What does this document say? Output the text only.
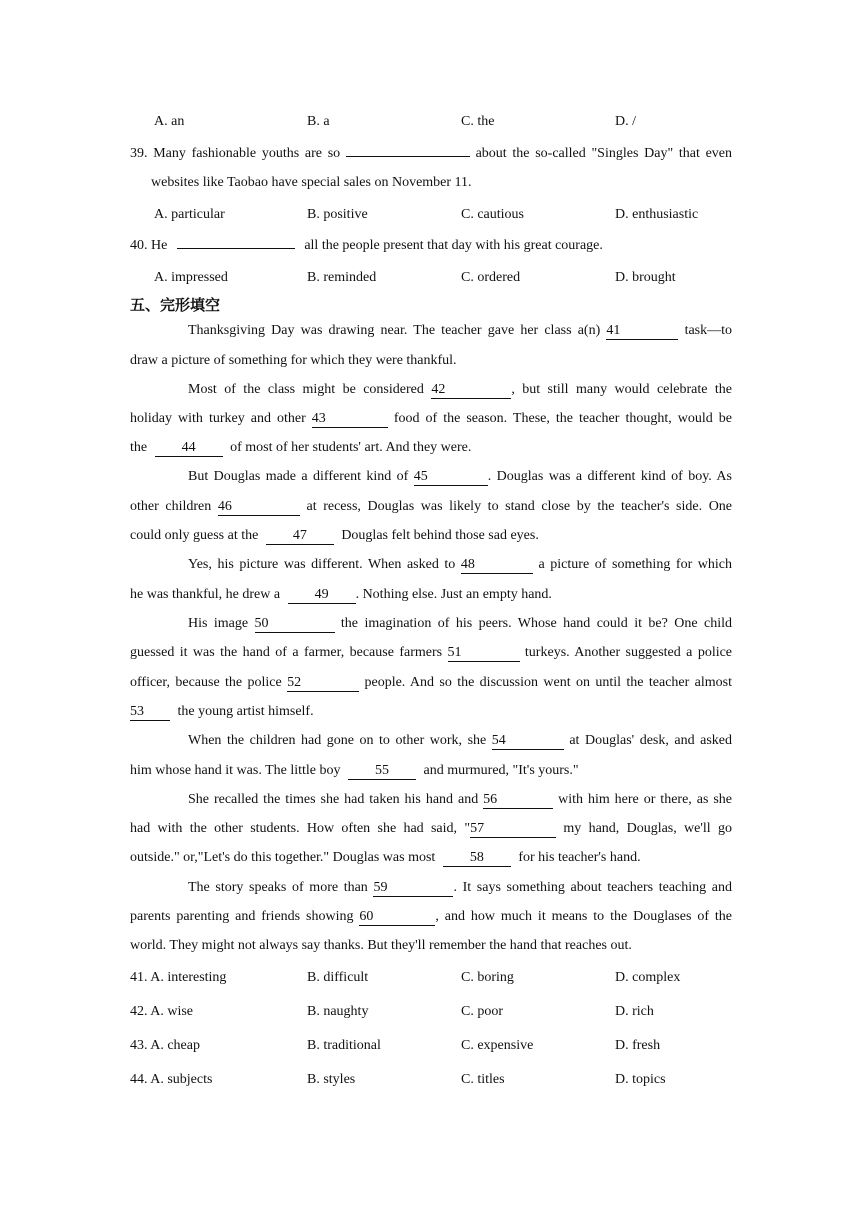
A. an	B. a	C. the	D. /
39. Many fashionable youths are so	about the so-called "Singles Day" that even
websites like Taobao have special sales on November 11.
A. particular	B. positive	C. cautious	D. enthusiastic
40. He	all the people present that day with his great courage.
A. impressed	B. reminded	C. ordered	D. brought
五、完形填空
Thanksgiving Day was drawing near. The teacher gave her class a(n) 41	task—to
draw a picture of something for which they were thankful.
Most of the class might be considered 42	, but still many would celebrate the
holiday with turkey and other 43	food of the season. These, the teacher thought, would be
the 44 of most of her students' art. And they were.
But Douglas made a different kind of 45	. Douglas was a different kind of boy. As
other children 46	at recess, Douglas was likely to stand close by the teacher's side. One
could only guess at the 47 Douglas felt behind those sad eyes.
Yes, his picture was different. When asked to 48	a picture of something for which
he was thankful, he drew a 49 . Nothing else. Just an empty hand.
His image 50	the imagination of his peers. Whose hand could it be? One child
guessed it was the hand of a farmer, because farmers 51	turkeys. Another suggested a police
officer, because the police 52	people. And so the discussion went on until the teacher almost
53 the young artist himself.
When the children had gone on to other work, she 54	at Douglas' desk, and asked
him whose hand it was. The little boy 55 and murmured, "It's yours."
She recalled the times she had taken his hand and 56	with him here or there, as she
had with the other students. How often she had said, "57	my hand, Douglas, we'll go
outside." or,"Let's do this together." Douglas was most 58 for his teacher's hand.
The story speaks of more than 59	. It says something about teachers teaching and
parents parenting and friends showing 60	, and how much it means to the Douglases of the
world. They might not always say thanks. But they'll remember the hand that reaches out.
41. A. interesting	B. difficult	C. boring	D. complex
42. A. wise	B. naughty	C. poor	D. rich
43. A. cheap	B. traditional	C. expensive	D. fresh
44. A. subjects	B. styles	C. titles	D. topics
